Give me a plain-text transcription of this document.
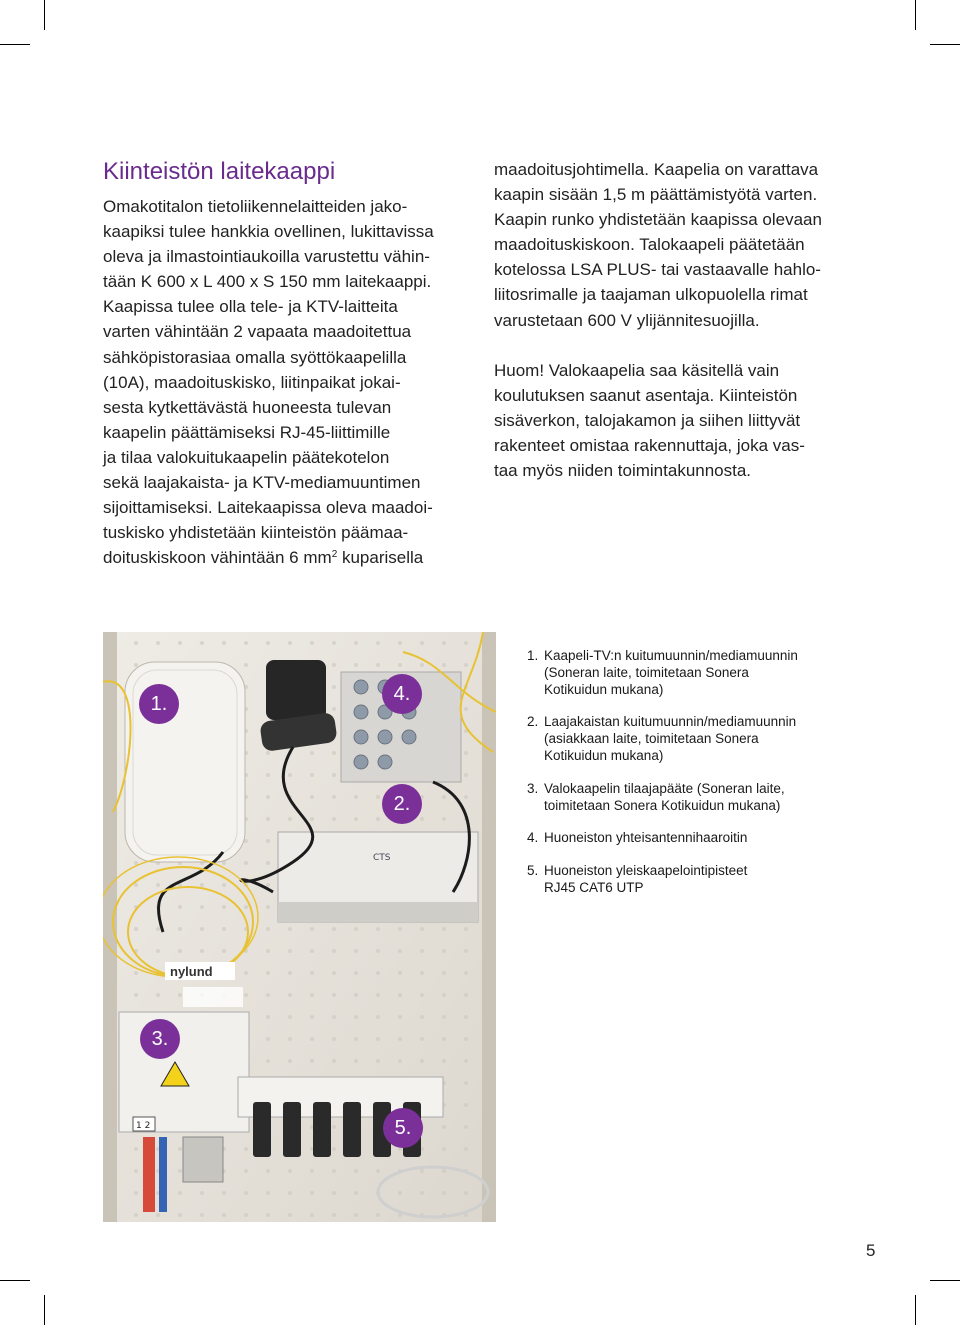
Kiinteistön laitekaappi
Omakotitalon tietoliikennelaitteiden jako-
kaapiksi tulee hankkia ovellinen, lukittavissa
oleva ja ilmastointiaukoilla varustettu vähin-
tään K 600 x L 400 x S 150 mm laitekaappi.
Kaapissa tulee olla tele- ja KTV-laitteita
varten vähintään 2 vapaata maadoitettua
sähköpistorasiaa omalla syöttökaapelilla
(10A), maadoituskisko, liitinpaikat jokai-
sesta kytkettävästä huoneesta tulevan
kaapelin päättämiseksi RJ-45-liittimille
ja tilaa valokuitukaapelin päätekotelon
sekä laajakaista- ja KTV-mediamuuntimen
sijoittamiseksi. Laitekaapissa oleva maadoi-
tuskisko yhdistetään kiinteistön päämaa-
doituskiskoon vähintään 6 $mm^2$ kuparisella
maadoitusjohtimella. Kaapelia on varattava
kaapin sisään 1,5 m päättämistyötä varten.
Kaapin runko yhdistetään kaapissa olevaan
maadoituskiskoon. Talokaapeli päätetään
kotelossa LSA PLUS- tai vastaavalle hahlo-
liitosrimalle ja taajaman ulkopuolella rimat
varustetaan 600 V ylijännitesuojilla.
Huom! Valokaapelia saa käsitellä vain
koulutuksen saanut asentaja. Kiinteistön
sisäverkon, talojakamon ja siihen liittyvät
rakenteet omistaa rakennuttaja, joka vas-
taa myös niiden toimintakunnosta.
CTS
nylund
1 2
1.	4.
2.
3.
5.
1. Kaapeli-TV:n kuitumuunnin/mediamuunnin
(Soneran laite, toimitetaan Sonera
Kotikuidun mukana)
2. Laajakaistan kuitumuunnin/mediamuunnin
(asiakkaan laite, toimitetaan Sonera
Kotikuidun mukana)
3. Valokaapelin tilaajapääte (Soneran laite,
toimitetaan Sonera Kotikuidun mukana)
4. Huoneiston yhteisantennihaaroitin
5. Huoneiston yleiskaapelointipisteet
RJ45 CAT6 UTP
5
